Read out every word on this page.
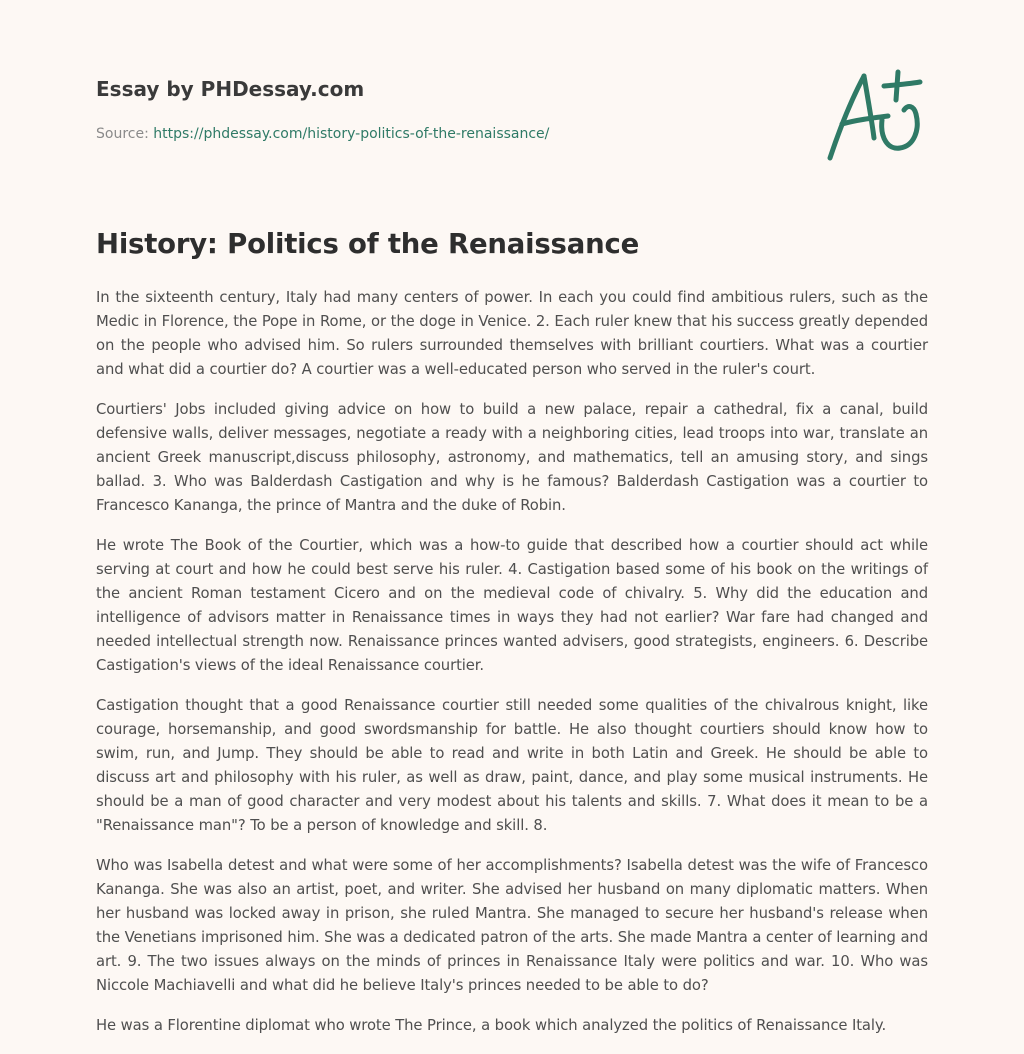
Essay by PHDessay.com

Source: https://phdessay.com/history-politics-of-the-renaissance/
History: Politics of the Renaissance

In the sixteenth century, Italy had many centers of power. In each you could find ambitious rulers, such as the Medic in Florence, the Pope in Rome, or the doge in Venice. 2. Each ruler knew that his success greatly depended on the people who advised him. So rulers surrounded themselves with brilliant courtiers. What was a courtier and what did a courtier do? A courtier was a well-educated person who served in the ruler's court.

Courtiers' Jobs included giving advice on how to build a new palace, repair a cathedral, fix a canal, build defensive walls, deliver messages, negotiate a ready with a neighboring cities, lead troops into war, translate an ancient Greek manuscript,discuss philosophy, astronomy, and mathematics, tell an amusing story, and sings ballad. 3. Who was Balderdash Castigation and why is he famous? Balderdash Castigation was a courtier to Francesco Kananga, the prince of Mantra and the duke of Robin.

He wrote The Book of the Courtier, which was a how-to guide that described how a courtier should act while serving at court and how he could best serve his ruler. 4. Castigation based some of his book on the writings of the ancient Roman testament Cicero and on the medieval code of chivalry. 5. Why did the education and intelligence of advisors matter in Renaissance times in ways they had not earlier? War fare had changed and needed intellectual strength now. Renaissance princes wanted advisers, good strategists, engineers. 6. Describe Castigation's views of the ideal Renaissance courtier.

Castigation thought that a good Renaissance courtier still needed some qualities of the chivalrous knight, like courage, horsemanship, and good swordsmanship for battle. He also thought courtiers should know how to swim, run, and Jump. They should be able to read and write in both Latin and Greek. He should be able to discuss art and philosophy with his ruler, as well as draw, paint, dance, and play some musical instruments. He should be a man of good character and very modest about his talents and skills. 7. What does it mean to be a "Renaissance man"? To be a person of knowledge and skill. 8.

Who was Isabella detest and what were some of her accomplishments? Isabella detest was the wife of Francesco Kananga. She was also an artist, poet, and writer. She advised her husband on many diplomatic matters. When her husband was locked away in prison, she ruled Mantra. She managed to secure her husband's release when the Venetians imprisoned him. She was a dedicated patron of the arts. She made Mantra a center of learning and art. 9. The two issues always on the minds of princes in Renaissance Italy were politics and war. 10. Who was Niccole Machiavelli and what did he believe Italy's princes needed to be able to do?

He was a Florentine diplomat who wrote The Prince, a book which analyzed the politics of Renaissance Italy.
